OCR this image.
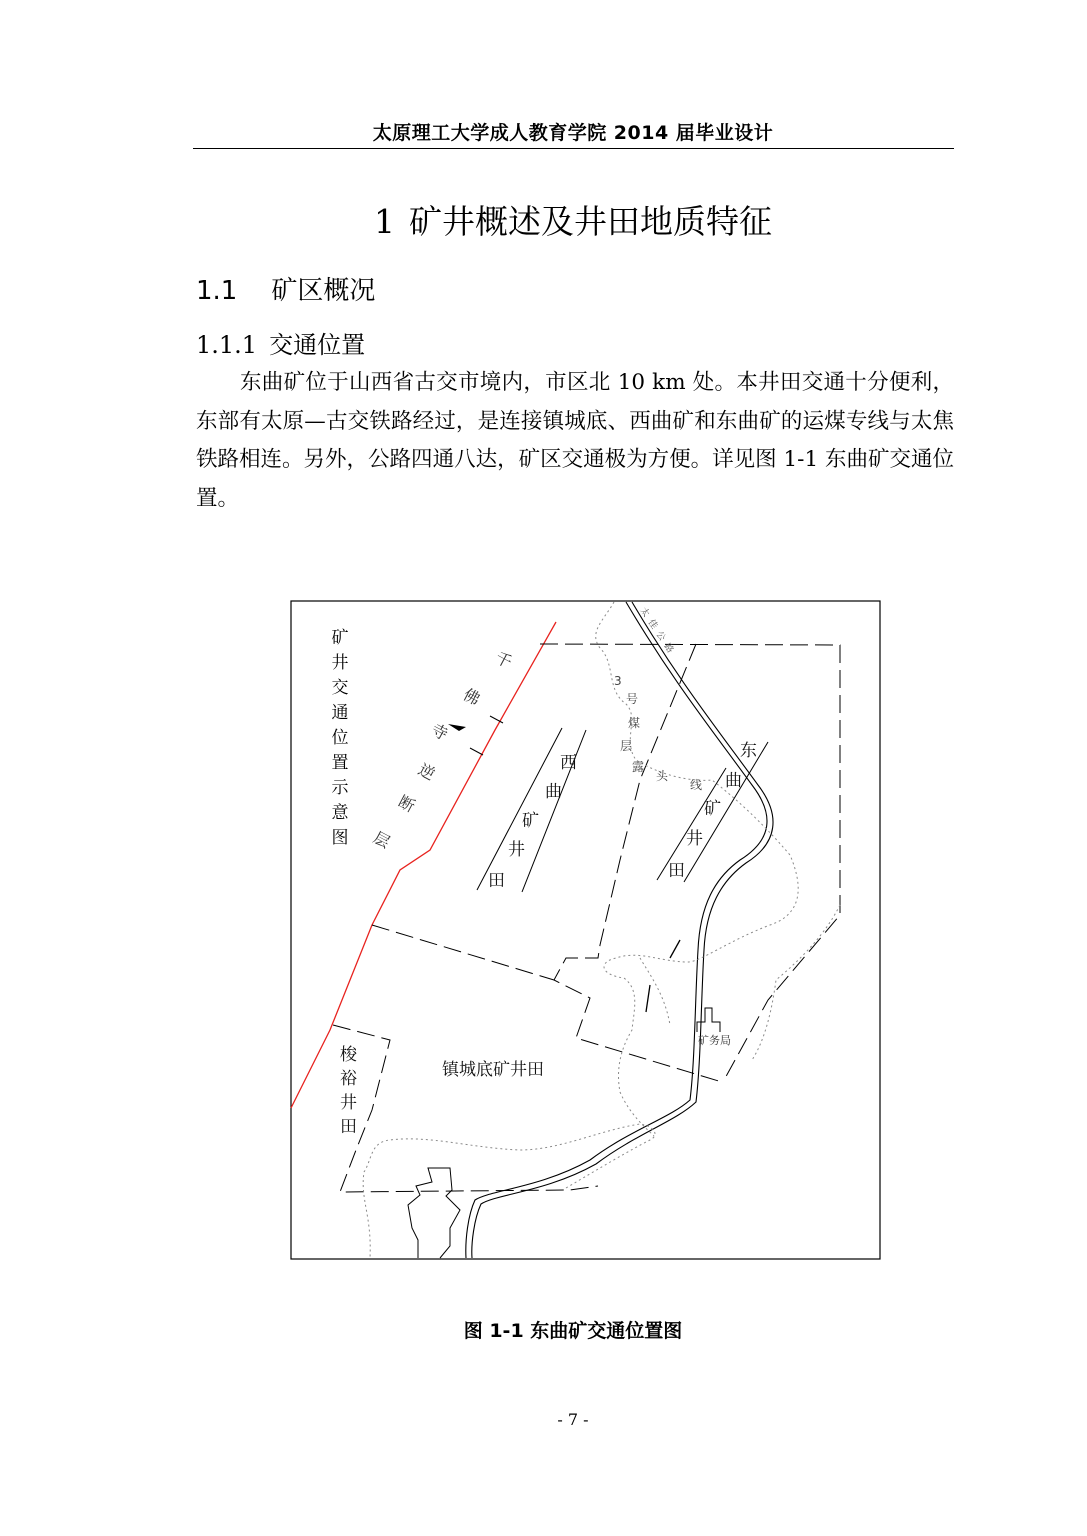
太原理工大学成人教育学院 2014 届毕业设计
1 矿井概述及井田地质特征
1.1 矿区概况
1.1.1 交通位置
东曲矿位于山西省古交市境内，市区北 10 km 处。本井田交通十分便利，东部有太原—古交铁路经过，是连接镇城底、西曲矿和东曲矿的运煤专线与太焦铁路相连。另外，公路四通八达，矿区交通极为方便。详见图 1-1 东曲矿交通位置。
矿
井
交
通
位
置
示
意
图
千
佛
寺
逆
断
层
矿务局
太
佳
公
路
3
号
煤
层
露
头
线
西
曲
矿
井
田
东
曲
矿
井
田
镇城底矿井田
梭
裕
井
田
图 1-1 东曲矿交通位置图
- 7 -
